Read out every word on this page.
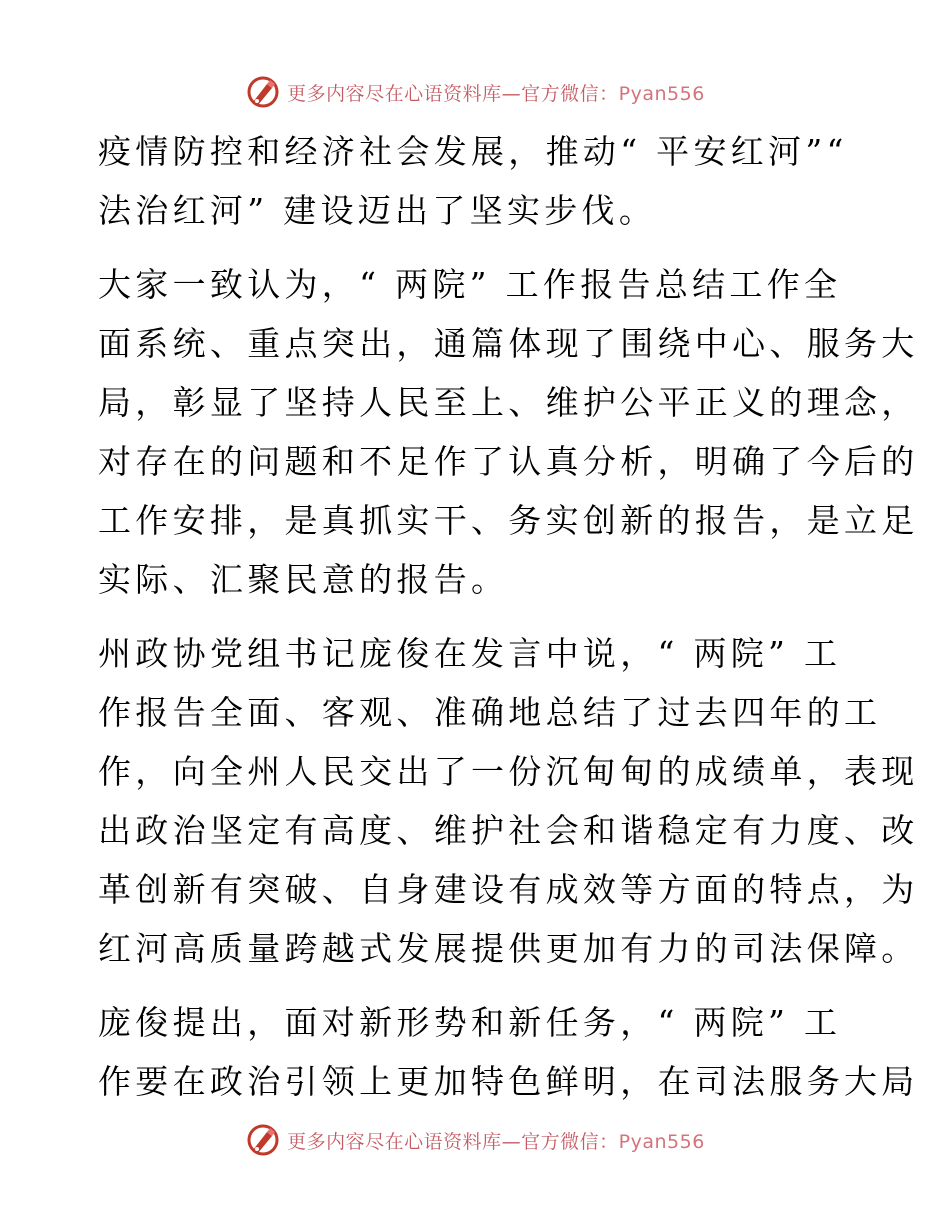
更多内容尽在心语资料库—官方微信：Pyan556

疫情防控和经济社会发展，推动“ 平安红河”“
法治红河” 建设迈出了坚实步伐。

大家一致认为，“ 两院” 工作报告总结工作全
面系统、重点突出，通篇体现了围绕中心、服务大
局，彰显了坚持人民至上、维护公平正义的理念，
对存在的问题和不足作了认真分析，明确了今后的
工作安排，是真抓实干、务实创新的报告，是立足
实际、汇聚民意的报告。

州政协党组书记庞俊在发言中说，“ 两院” 工
作报告全面、客观、准确地总结了过去四年的工
作，向全州人民交出了一份沉甸甸的成绩单，表现
出政治坚定有高度、维护社会和谐稳定有力度、改
革创新有突破、自身建设有成效等方面的特点，为
红河高质量跨越式发展提供更加有力的司法保障。

庞俊提出，面对新形势和新任务，“ 两院” 工
作要在政治引领上更加特色鲜明，在司法服务大局

更多内容尽在心语资料库—官方微信：Pyan556
